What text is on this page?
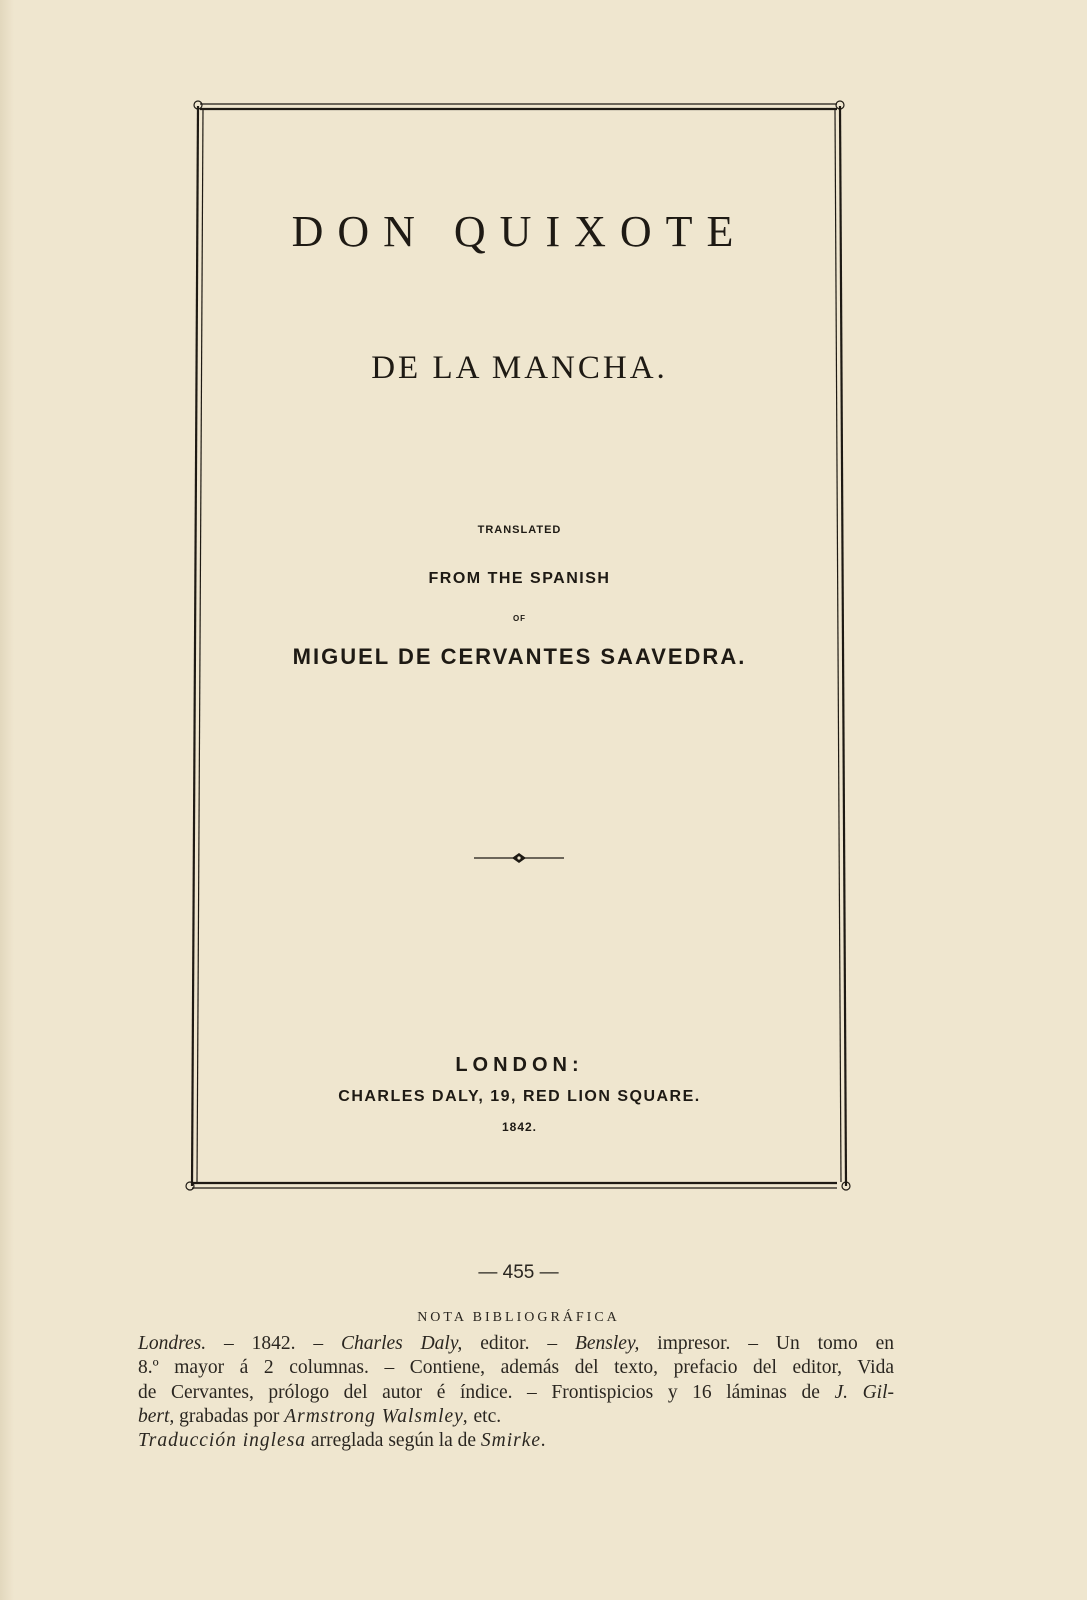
DON QUIXOTE
DE LA MANCHA.
TRANSLATED
FROM THE SPANISH
OF
MIGUEL DE CERVANTES SAAVEDRA.
LONDON:
CHARLES DALY, 19, RED LION SQUARE.
1842.
— 455 —
NOTA BIBLIOGRÁFICA
Londres. – 1842. – Charles Daly, editor. – Bensley, impresor. – Un tomo en
8.º mayor á 2 columnas. – Contiene, además del texto, prefacio del editor, Vida
de Cervantes, prólogo del autor é índice. – Frontispicios y 16 láminas de J. Gil-
bert, grabadas por Armstrong Walsmley, etc.
Traducción inglesa arreglada según la de Smirke.
